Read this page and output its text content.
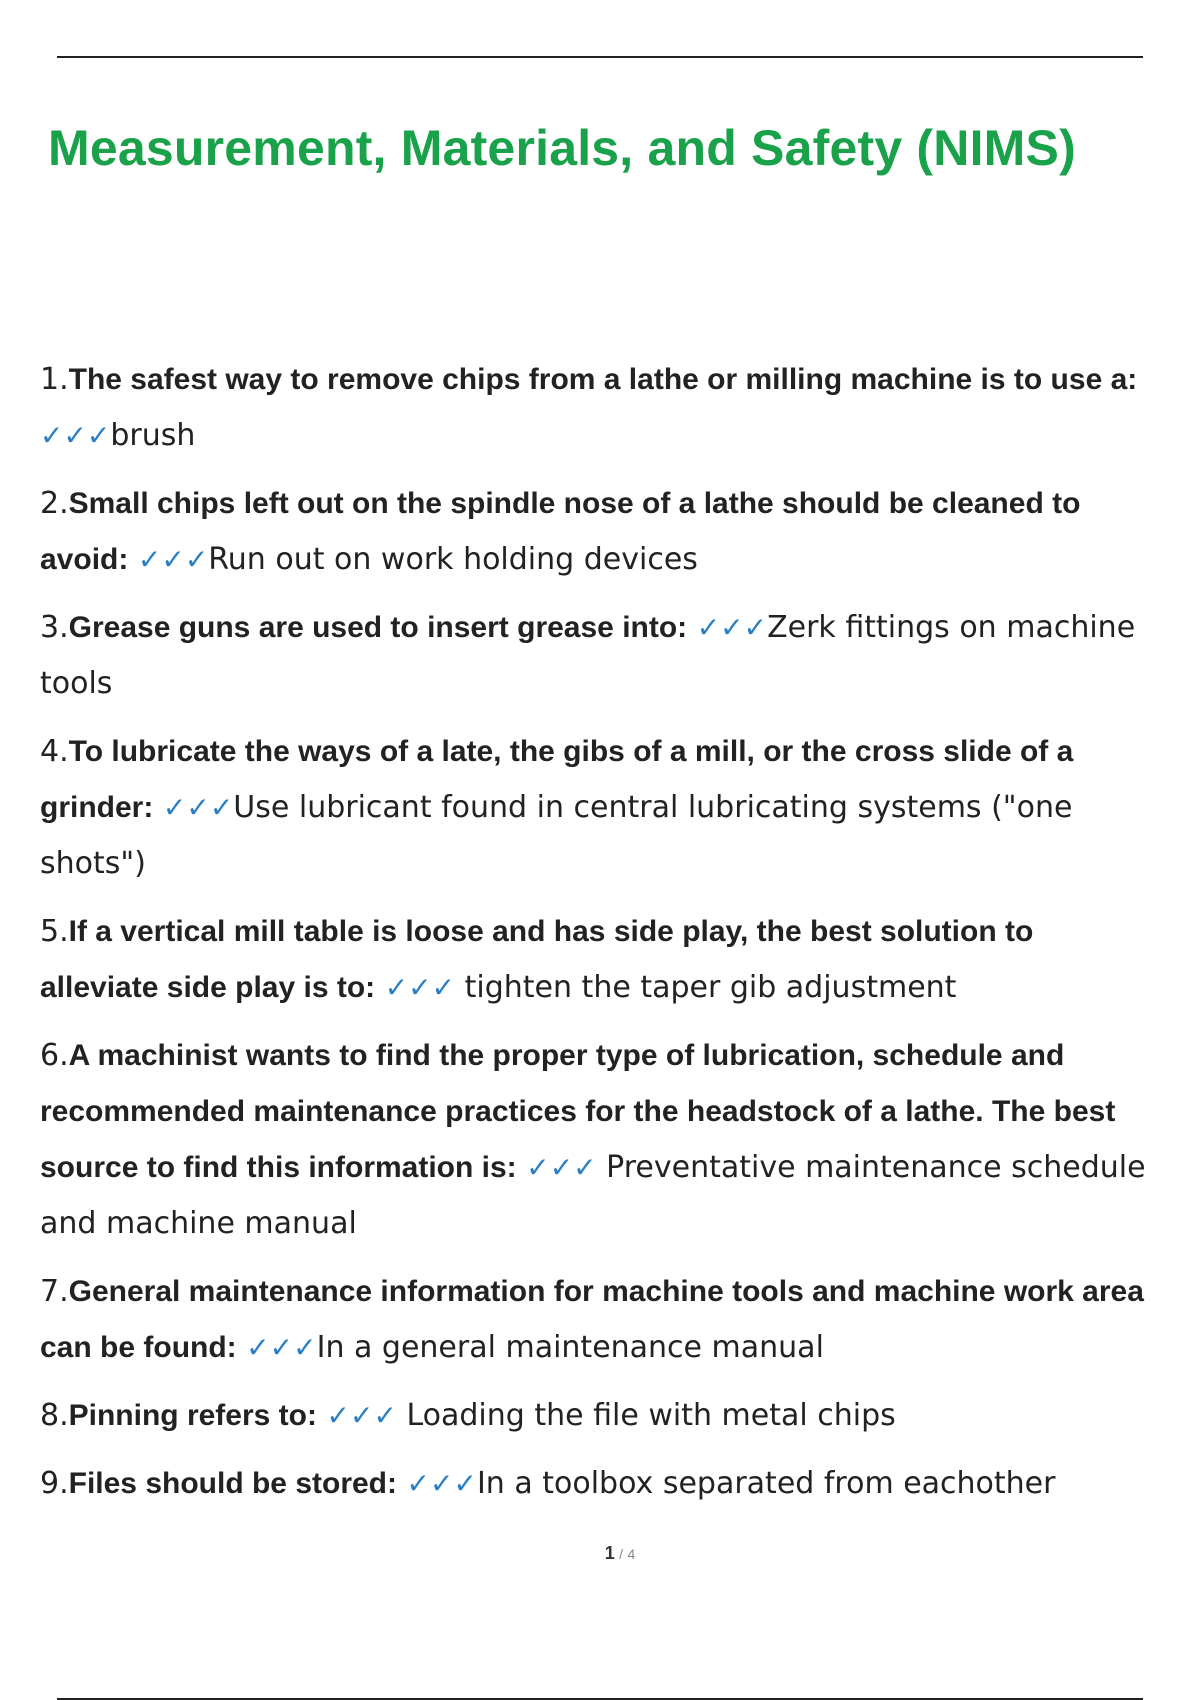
Measurement, Materials, and Safety (NIMS)
1.The safest way to remove chips from a lathe or milling machine is to use a: ✓✓✓brush
2.Small chips left out on the spindle nose of a lathe should be cleaned to avoid: ✓✓✓Run out on work holding devices
3.Grease guns are used to insert grease into: ✓✓✓Zerk fittings on machine tools
4.To lubricate the ways of a late, the gibs of a mill, or the cross slide of a grinder: ✓✓✓Use lubricant found in central lubricating systems ("one shots")
5.If a vertical mill table is loose and has side play, the best solution to alleviate side play is to: ✓✓✓ tighten the taper gib adjustment
6.A machinist wants to find the proper type of lubrication, schedule and recommended maintenance practices for the headstock of a lathe. The best source to find this information is: ✓✓✓ Preventative maintenance schedule and machine manual
7.General maintenance information for machine tools and machine work area can be found: ✓✓✓In a general maintenance manual
8.Pinning refers to: ✓✓✓ Loading the file with metal chips
9.Files should be stored: ✓✓✓In a toolbox separated from eachother
1 / 4
